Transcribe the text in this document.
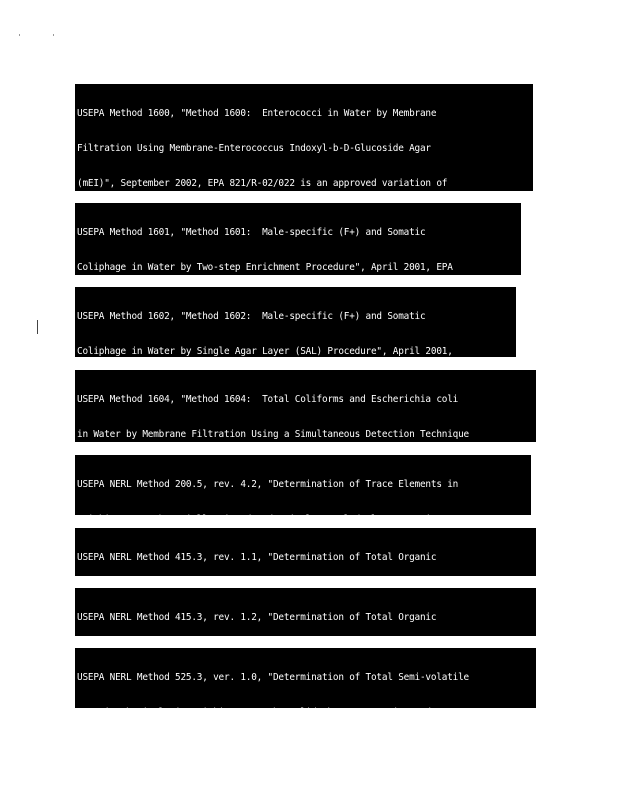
USEPA Method 1600, "Method 1600:  Enterococci in Water by Membrane

Filtration Using Membrane-Enterococcus Indoxyl-b-D-Glucoside Agar

(mEI)", September 2002, EPA 821/R-02/022 is an approved variation of

USEPA Method 1601, "Method 1601:  Male-specific (F+) and Somatic

Coliphage in Water by Two-step Enrichment Procedure", April 2001, EPA

USEPA Method 1602, "Method 1602:  Male-specific (F+) and Somatic

Coliphage in Water by Single Agar Layer (SAL) Procedure", April 2001,

USEPA Method 1604, "Method 1604:  Total Coliforms and Escherichia coli

in Water by Membrane Filtration Using a Simultaneous Detection Technique

USEPA NERL Method 200.5, rev. 4.2, "Determination of Trace Elements in

USEPA NERL Method 415.3, rev. 1.1, "Determination of Total Organic

USEPA NERL Method 415.3, rev. 1.2, "Determination of Total Organic

USEPA NERL Method 525.3, ver. 1.0, "Determination of Total Semi-volatile
